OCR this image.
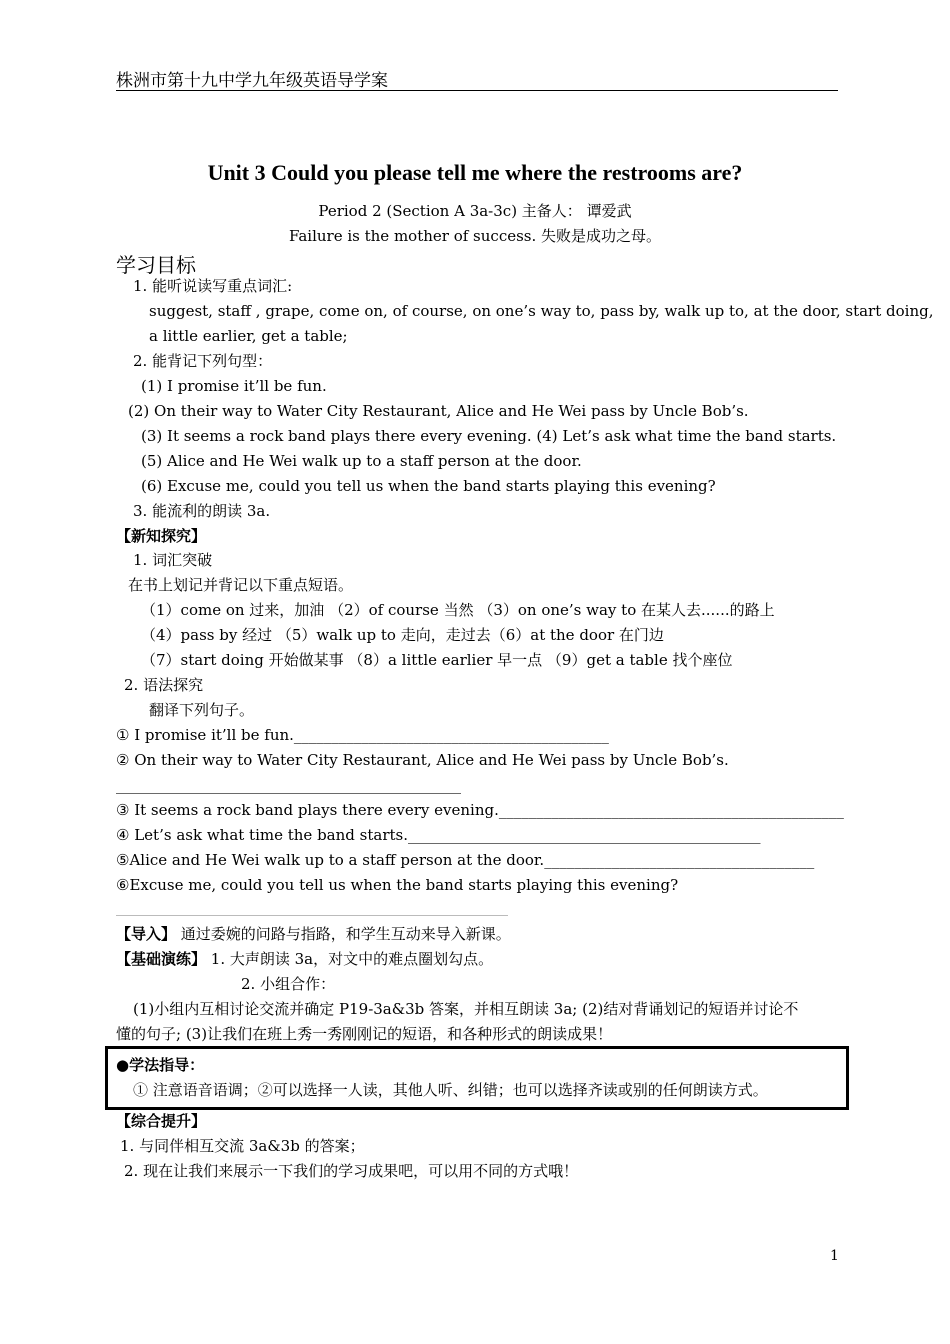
株洲市第十九中学九年级英语导学案
Unit 3 Could you please tell me where the restrooms are?
Period 2 (Section A 3a-3c) 主备人： 谭爱武
Failure is the mother of success. 失败是成功之母。
学习目标
1. 能听说读写重点词汇:
suggest, staff , grape, come on, of course, on one’s way to, pass by, walk up to, at the door, start doing,
a little earlier, get a table;
2. 能背记下列句型：
(1) I promise it’ll be fun.
(2) On their way to Water City Restaurant, Alice and He Wei pass by Uncle Bob’s.
(3) It seems a rock band plays there every evening. (4) Let’s ask what time the band starts.
(5) Alice and He Wei walk up to a staff person at the door.
(6) Excuse me, could you tell us when the band starts playing this evening?
3. 能流利的朗读 3a.
【新知探究】
1. 词汇突破
在书上划记并背记以下重点短语。
（1）come on 过来，加油 （2）of course 当然 （3）on one’s way to 在某人去......的路上
（4）pass by 经过 （5）walk up to 走向，走过去（6）at the door 在门边
（7）start doing 开始做某事 （8）a little earlier 早一点 （9）get a table 找个座位
2. 语法探究
翻译下列句子。
① I promise it’ll be fun.__________________________________________
② On their way to Water City Restaurant, Alice and He Wei pass by Uncle Bob’s.
______________________________________________
③ It seems a rock band plays there every evening.______________________________________________
④ Let’s ask what time the band starts._______________________________________________
⑤Alice and He Wei walk up to a staff person at the door.____________________________________
⑥Excuse me, could you tell us when the band starts playing this evening?
【导入】 通过委婉的问路与指路，和学生互动来导入新课。
【基础演练】 1. 大声朗读 3a，对文中的难点圈划勾点。
2. 小组合作：
(1)小组内互相讨论交流并确定 P19-3a&3b 答案，并相互朗读 3a; (2)结对背诵划记的短语并讨论不
懂的句子; (3)让我们在班上秀一秀刚刚记的短语，和各种形式的朗读成果！
●学法指导：
① 注意语音语调；②可以选择一人读，其他人听、纠错；也可以选择齐读或别的任何朗读方式。
【综合提升】
1. 与同伴相互交流 3a&3b 的答案；
2. 现在让我们来展示一下我们的学习成果吧，可以用不同的方式哦！
1
